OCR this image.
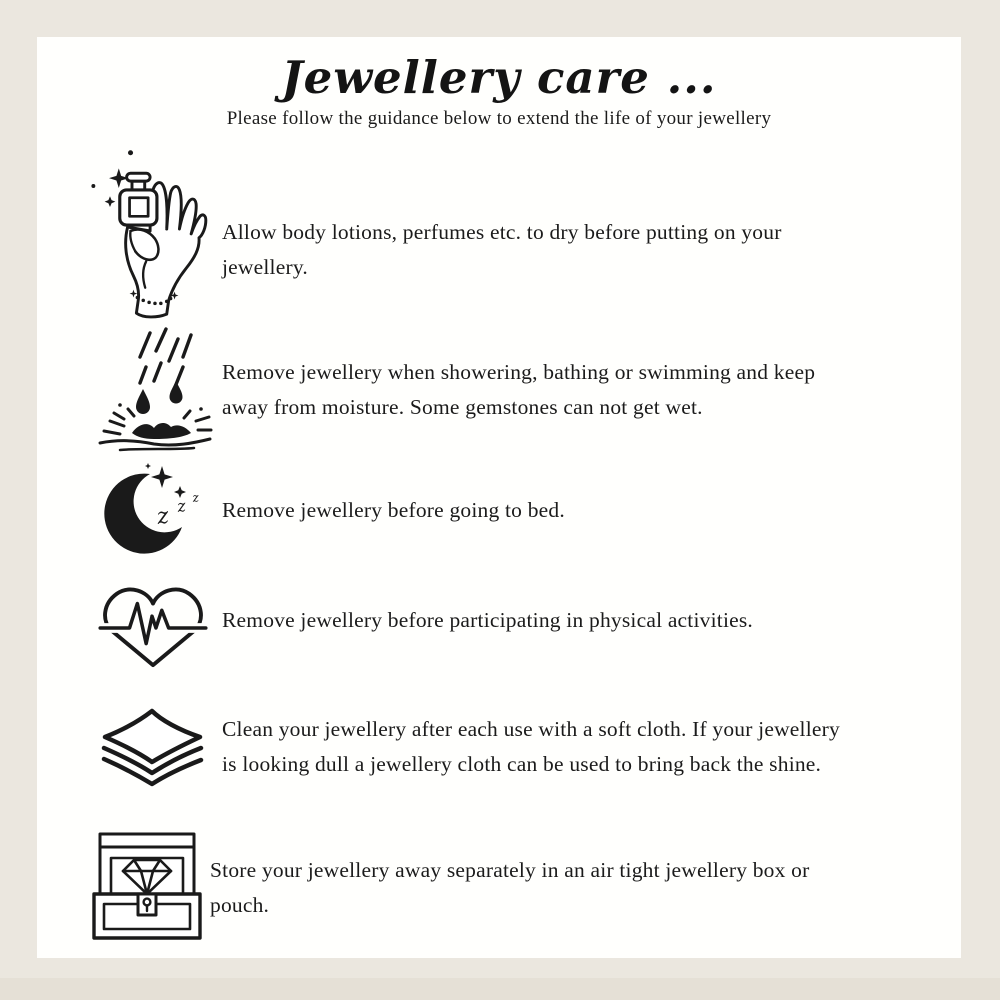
Jewellery care ...
Please follow the guidance below to extend the life of your jewellery
Allow body lotions, perfumes etc. to dry before putting on your
jewellery.
Remove jewellery when showering, bathing or swimming and keep
away from moisture. Some gemstones can not get wet.
z z z
Remove jewellery before going to bed.
Remove jewellery before participating in physical activities.
Clean your jewellery after each use with a soft cloth. If your jewellery
is looking dull a jewellery cloth can be used to bring back the shine.
Store your jewellery away separately in an air tight jewellery box or
pouch.
